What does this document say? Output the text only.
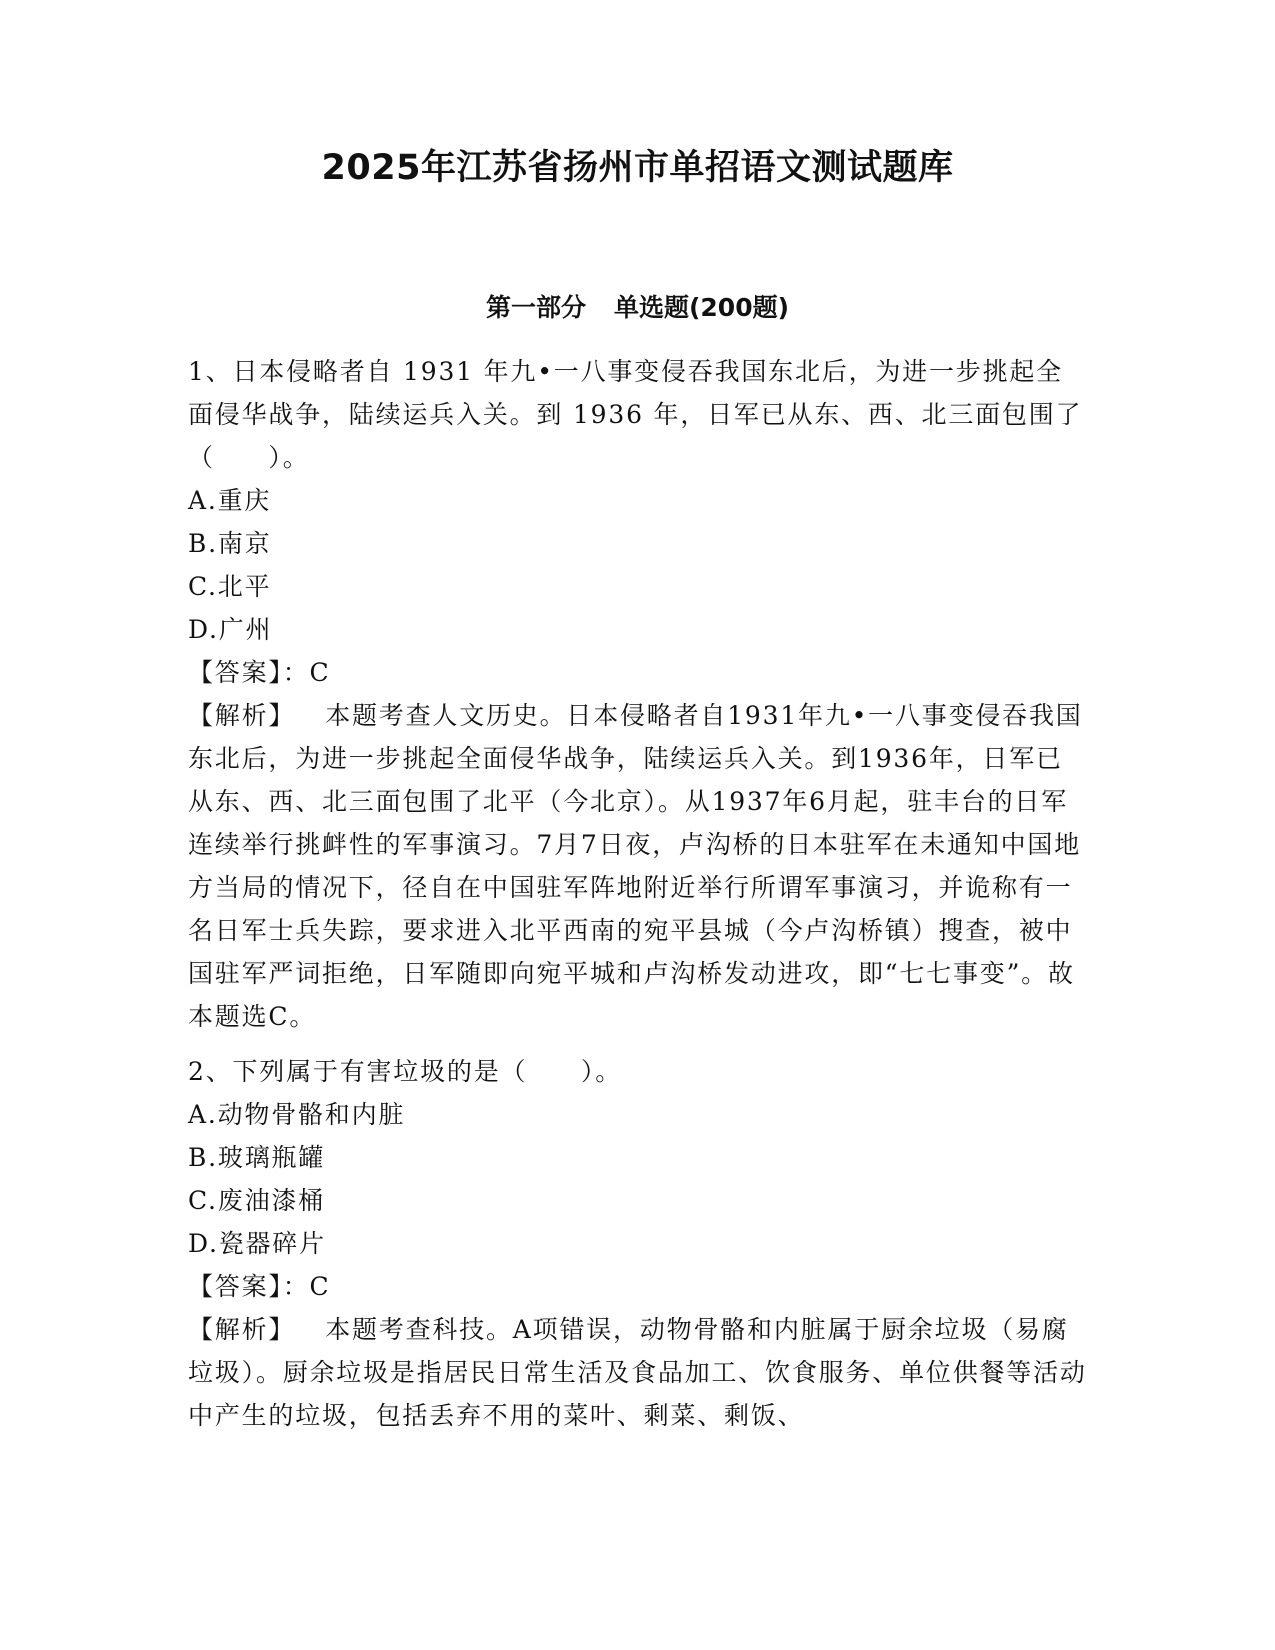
2025年江苏省扬州市单招语文测试题库
第一部分 单选题(200题)

1、日本侵略者自 1931 年九•一八事变侵吞我国东北后，为进一步挑起全面侵华战争，陆续运兵入关。到 1936 年，日军已从东、西、北三面包围了（　　）。

A.重庆

B.南京

C.北平

D.广州

【答案】：C

【解析】 本题考查人文历史。日本侵略者自1931年九•一八事变侵吞我国东北后，为进一步挑起全面侵华战争，陆续运兵入关。到1936年，日军已从东、西、北三面包围了北平（今北京）。从1937年6月起，驻丰台的日军连续举行挑衅性的军事演习。7月7日夜，卢沟桥的日本驻军在未通知中国地方当局的情况下，径自在中国驻军阵地附近举行所谓军事演习，并诡称有一名日军士兵失踪，要求进入北平西南的宛平县城（今卢沟桥镇）搜查，被中国驻军严词拒绝，日军随即向宛平城和卢沟桥发动进攻，即“七七事变”。故本题选C。

2、下列属于有害垃圾的是（　　）。

A.动物骨骼和内脏

B.玻璃瓶罐

C.废油漆桶

D.瓷器碎片

【答案】：C

【解析】 本题考查科技。A项错误，动物骨骼和内脏属于厨余垃圾（易腐垃圾）。厨余垃圾是指居民日常生活及食品加工、饮食服务、单位供餐等活动中产生的垃圾，包括丢弃不用的菜叶、剩菜、剩饭、
